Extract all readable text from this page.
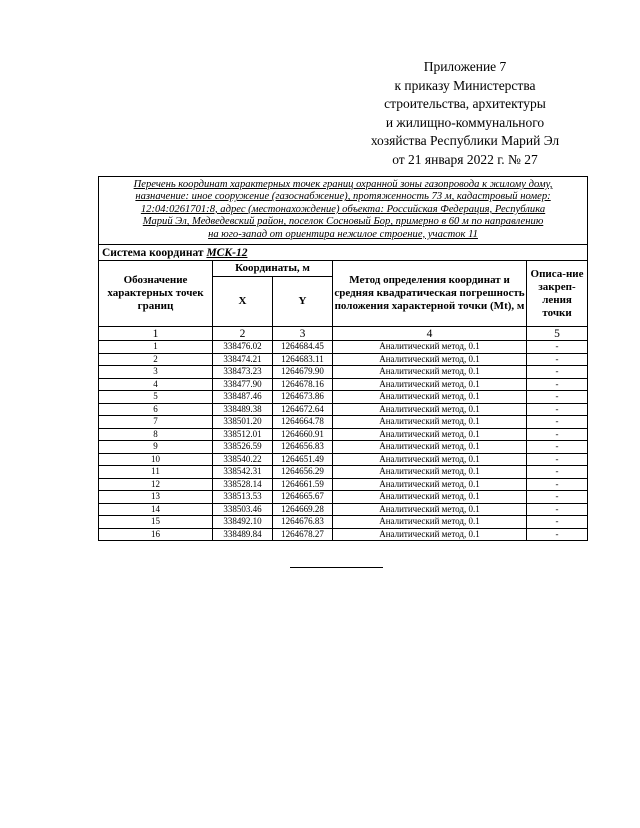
Приложение 7
к приказу Министерства
строительства, архитектуры
и жилищно-коммунального
хозяйства Республики Марий Эл
от 21 января 2022 г. № 27
Перечень координат характерных точек границ охранной зоны газопровода к жилому дому,
назначение: иное сооружение (газоснабжение), протяженность 73 м, кадастровый номер:
12:04:0261701:8, адрес (местонахождение) объекта: Российская Федерация, Республика
Марий Эл, Медведевский район, поселок Сосновый Бор, примерно в 60 м по направлению
на юго-запад от ориентира нежилое строение, участок 11				

Система координат МСК-12				
Обозначение характерных точек границ	Координаты, м		Метод определения координат и средняя квадратическая погрешность положения характерной точки (Mt), м	Описа-ние закреп-ления точки
	X	Y		
1	2	3	4	5
1	338476.02	1264684.45	Аналитический метод, 0.1	-
2	338474.21	1264683.11	Аналитический метод, 0.1	-
3	338473.23	1264679.90	Аналитический метод, 0.1	-
4	338477.90	1264678.16	Аналитический метод, 0.1	-
5	338487.46	1264673.86	Аналитический метод, 0.1	-
6	338489.38	1264672.64	Аналитический метод, 0.1	-
7	338501.20	1264664.78	Аналитический метод, 0.1	-
8	338512.01	1264660.91	Аналитический метод, 0.1	-
9	338526.59	1264656.83	Аналитический метод, 0.1	-
10	338540.22	1264651.49	Аналитический метод, 0.1	-
11	338542.31	1264656.29	Аналитический метод, 0.1	-
12	338528.14	1264661.59	Аналитический метод, 0.1	-
13	338513.53	1264665.67	Аналитический метод, 0.1	-
14	338503.46	1264669.28	Аналитический метод, 0.1	-
15	338492.10	1264676.83	Аналитический метод, 0.1	-
16	338489.84	1264678.27	Аналитический метод, 0.1	-
